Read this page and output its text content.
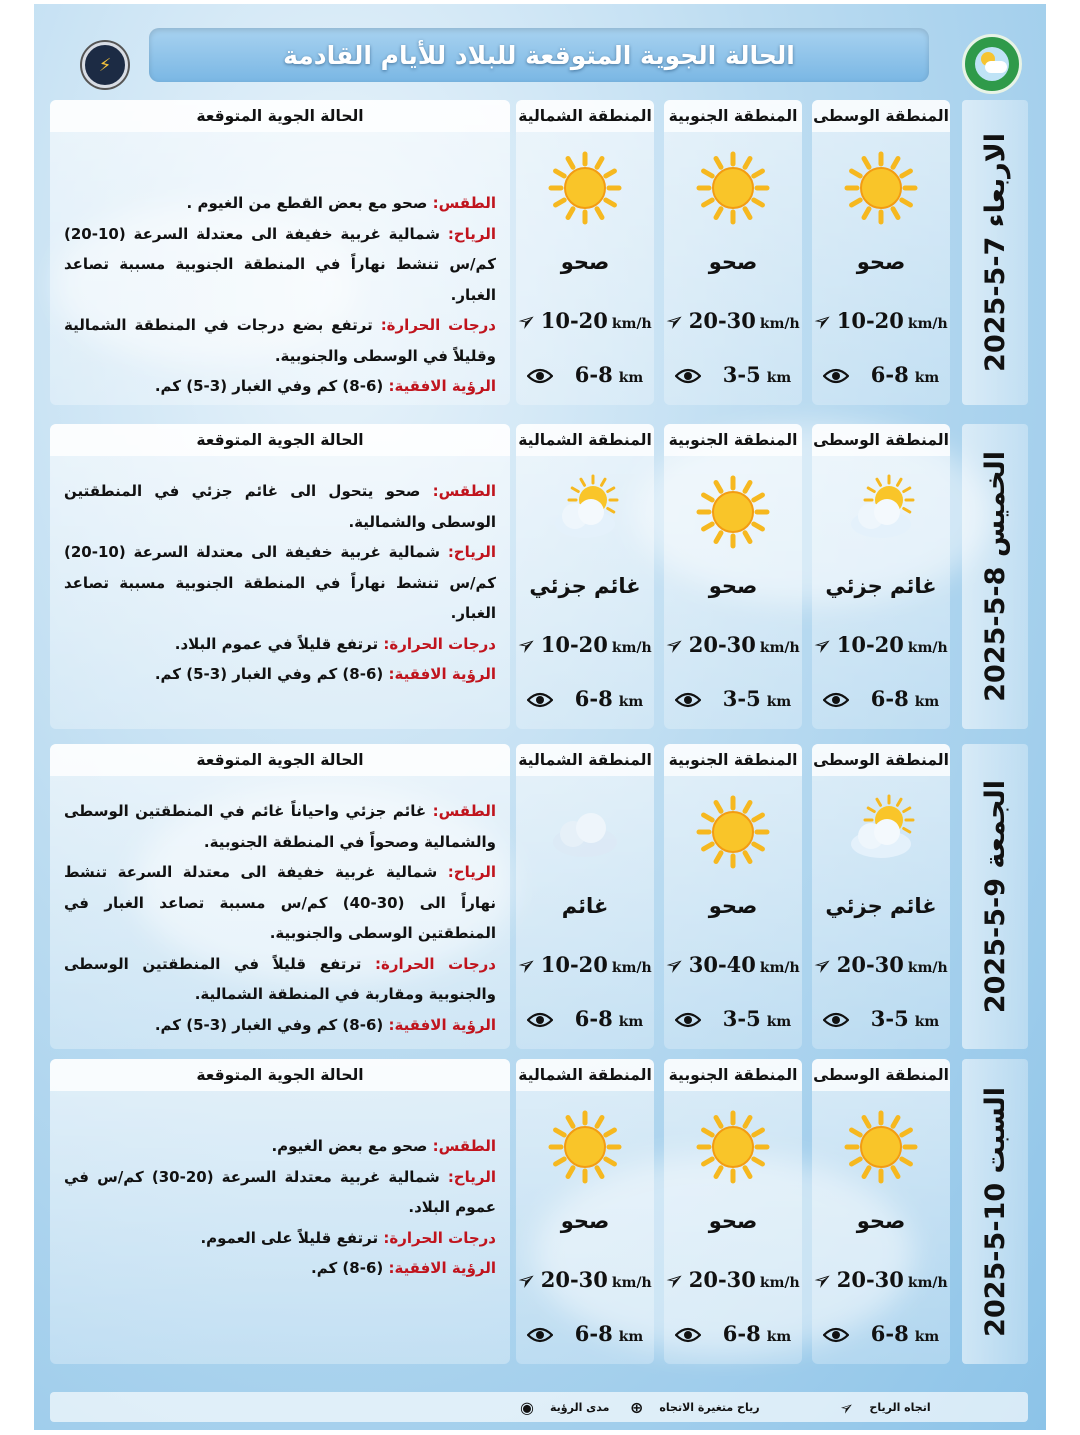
⚡	الحالة الجوية المتوقعة للبلاد للأيام القادمة
الاربعاء 7-5-2025
المنطقة الوسطى
صحو
➢
10-20 km/h
6-8 km
المنطقة الجنوبية
صحو
➢
20-30 km/h
3-5 km
المنطقة الشمالية
صحو
➢
10-20 km/h
6-8 km
الحالة الجوية المتوقعة

الطقس: صحو مع بعض القطع من الغيوم .

الرياح: شمالية غربية خفيفة الى معتدلة السرعة (10-20) كم/س تنشط نهاراً في المنطقة الجنوبية مسببة تصاعد الغبار.

درجات الحرارة: ترتفع بضع درجات في المنطقة الشمالية وقليلاً في الوسطى والجنوبية.

الرؤية الافقية: (6-8) كم وفي الغبار (3-5) كم.

الخميس 8-5-2025
المنطقة الوسطى
غائم جزئي
➢
10-20 km/h
6-8 km
المنطقة الجنوبية
صحو
➢
20-30 km/h
3-5 km
المنطقة الشمالية
غائم جزئي
➢
10-20 km/h
6-8 km
الحالة الجوية المتوقعة

الطقس: صحو يتحول الى غائم جزئي في المنطقتين الوسطى والشمالية.

الرياح: شمالية غربية خفيفة الى معتدلة السرعة (10-20) كم/س تنشط نهاراً في المنطقة الجنوبية مسببة تصاعد الغبار.

درجات الحرارة: ترتفع قليلاً في عموم البلاد.

الرؤية الافقية: (6-8) كم وفي الغبار (3-5) كم.

الجمعة 9-5-2025
المنطقة الوسطى
غائم جزئي
➢
20-30 km/h
3-5 km
المنطقة الجنوبية
صحو
➢
30-40 km/h
3-5 km
المنطقة الشمالية
غائم
➢
10-20 km/h
6-8 km
الحالة الجوية المتوقعة

الطقس: غائم جزئي واحياناً غائم في المنطقتين الوسطى والشمالية وصحواً في المنطقة الجنوبية.

الرياح: شمالية غربية خفيفة الى معتدلة السرعة تنشط نهاراً الى (30-40) كم/س مسببة تصاعد الغبار في المنطقتين الوسطى والجنوبية.

درجات الحرارة: ترتفع قليلاً في المنطقتين الوسطى والجنوبية ومقاربة في المنطقة الشمالية.

الرؤية الافقية: (6-8) كم وفي الغبار (3-5) كم.

السبت 10-5-2025
المنطقة الوسطى
صحو
➢
20-30 km/h
6-8 km
المنطقة الجنوبية
صحو
➢
20-30 km/h
6-8 km
المنطقة الشمالية
صحو
➢
20-30 km/h
6-8 km
الحالة الجوية المتوقعة

الطقس: صحو مع بعض الغيوم.

الرياح: شمالية غربية معتدلة السرعة (20-30) كم/س في عموم البلاد.

درجات الحرارة: ترتفع قليلاً على العموم.

الرؤية الافقية: (6-8) كم.

اتجاه الرياح
➢
رياح متغيرة الاتجاه
⊕
مدى الرؤية
◉
